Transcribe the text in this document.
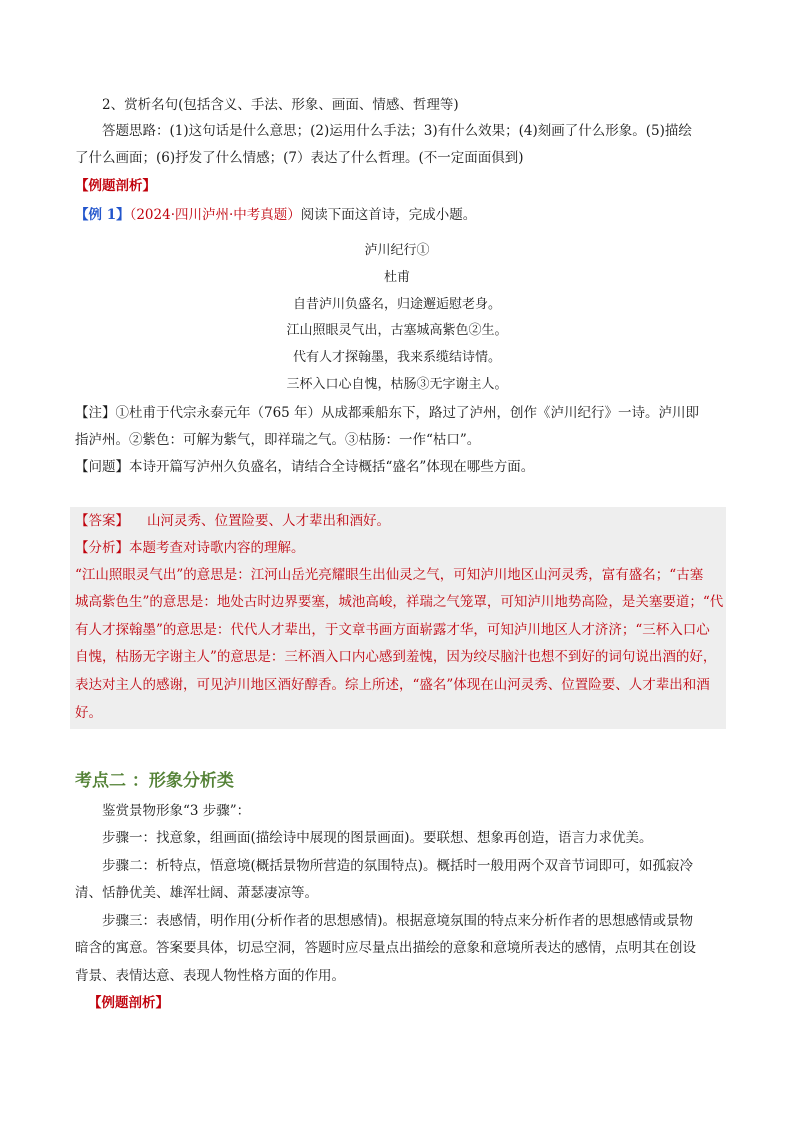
2、赏析名句(包括含义、手法、形象、画面、情感、哲理等)
答题思路：(1)这句话是什么意思；(2)运用什么手法；3)有什么效果；(4)刻画了什么形象。(5)描绘
了什么画面；(6)抒发了什么情感；(7）表达了什么哲理。(不一定面面俱到)
【例题剖析】
【例 1】（2024·四川泸州·中考真题）阅读下面这首诗，完成小题。
泸川纪行①
杜甫
自昔泸川负盛名，归途邂逅慰老身。
江山照眼灵气出，古塞城高紫色②生。
代有人才探翰墨，我来系缆结诗情。
三杯入口心自愧，枯肠③无字谢主人。
【注】①杜甫于代宗永泰元年（765 年）从成都乘船东下，路过了泸州，创作《泸川纪行》一诗。泸川即
指泸州。②紫色：可解为紫气，即祥瑞之气。③枯肠：一作“枯口”。
【问题】本诗开篇写泸州久负盛名，请结合全诗概括“盛名”体现在哪些方面。
【答案】 山河灵秀、位置险要、人才辈出和酒好。
【分析】本题考查对诗歌内容的理解。
“江山照眼灵气出”的意思是：江河山岳光亮耀眼生出仙灵之气，可知泸川地区山河灵秀，富有盛名；“古塞
城高紫色生”的意思是：地处古时边界要塞，城池高峻，祥瑞之气笼罩，可知泸川地势高险，是关塞要道；“代
有人才探翰墨”的意思是：代代人才辈出，于文章书画方面崭露才华，可知泸川地区人才济济；“三杯入口心
自愧，枯肠无字谢主人”的意思是：三杯酒入口内心感到羞愧，因为绞尽脑汁也想不到好的词句说出酒的好，
表达对主人的感谢，可见泸川地区酒好醇香。综上所述，“盛名”体现在山河灵秀、位置险要、人才辈出和酒
好。
考点二 ：形象分析类
鉴赏景物形象“3 步骤”：
步骤一：找意象，组画面(描绘诗中展现的图景画面)。要联想、想象再创造，语言力求优美。
步骤二：析特点，悟意境(概括景物所营造的氛围特点)。概括时一般用两个双音节词即可，如孤寂冷
清、恬静优美、雄浑壮阔、萧瑟凄凉等。
步骤三：表感情，明作用(分析作者的思想感情)。根据意境氛围的特点来分析作者的思想感情或景物
暗含的寓意。答案要具体，切忌空洞，答题时应尽量点出描绘的意象和意境所表达的感情，点明其在创设
背景、表情达意、表现人物性格方面的作用。
【例题剖析】
